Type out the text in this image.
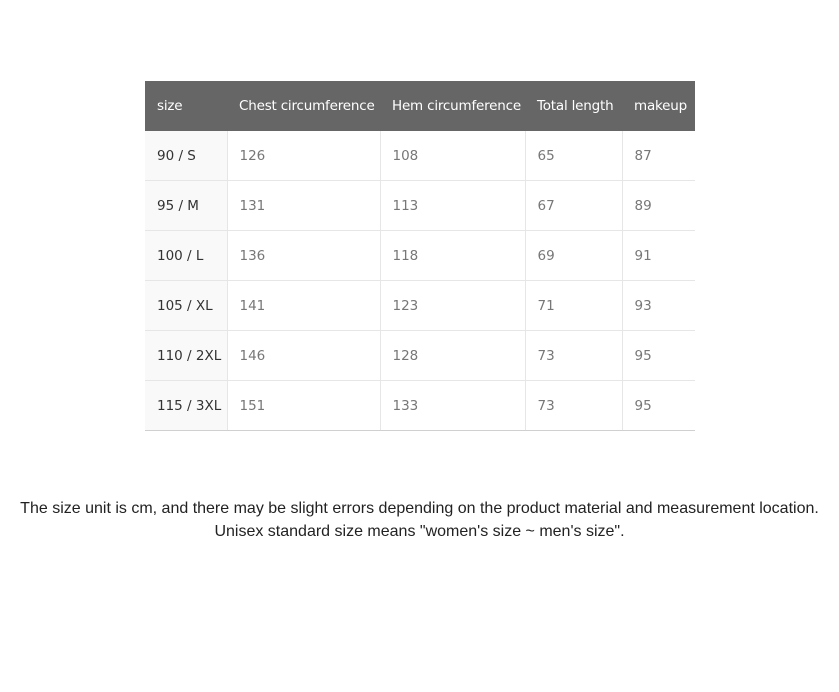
size	Chest circumference	Hem circumference	Total length	makeup
90 / S	126	108	65	87
95 / M	131	113	67	89
100 / L	136	118	69	91
105 / XL	141	123	71	93
110 / 2XL	146	128	73	95
115 / 3XL	151	133	73	95

The size unit is cm, and there may be slight errors depending on the product material and measurement location.

Unisex standard size means "women's size ~ men's size".
